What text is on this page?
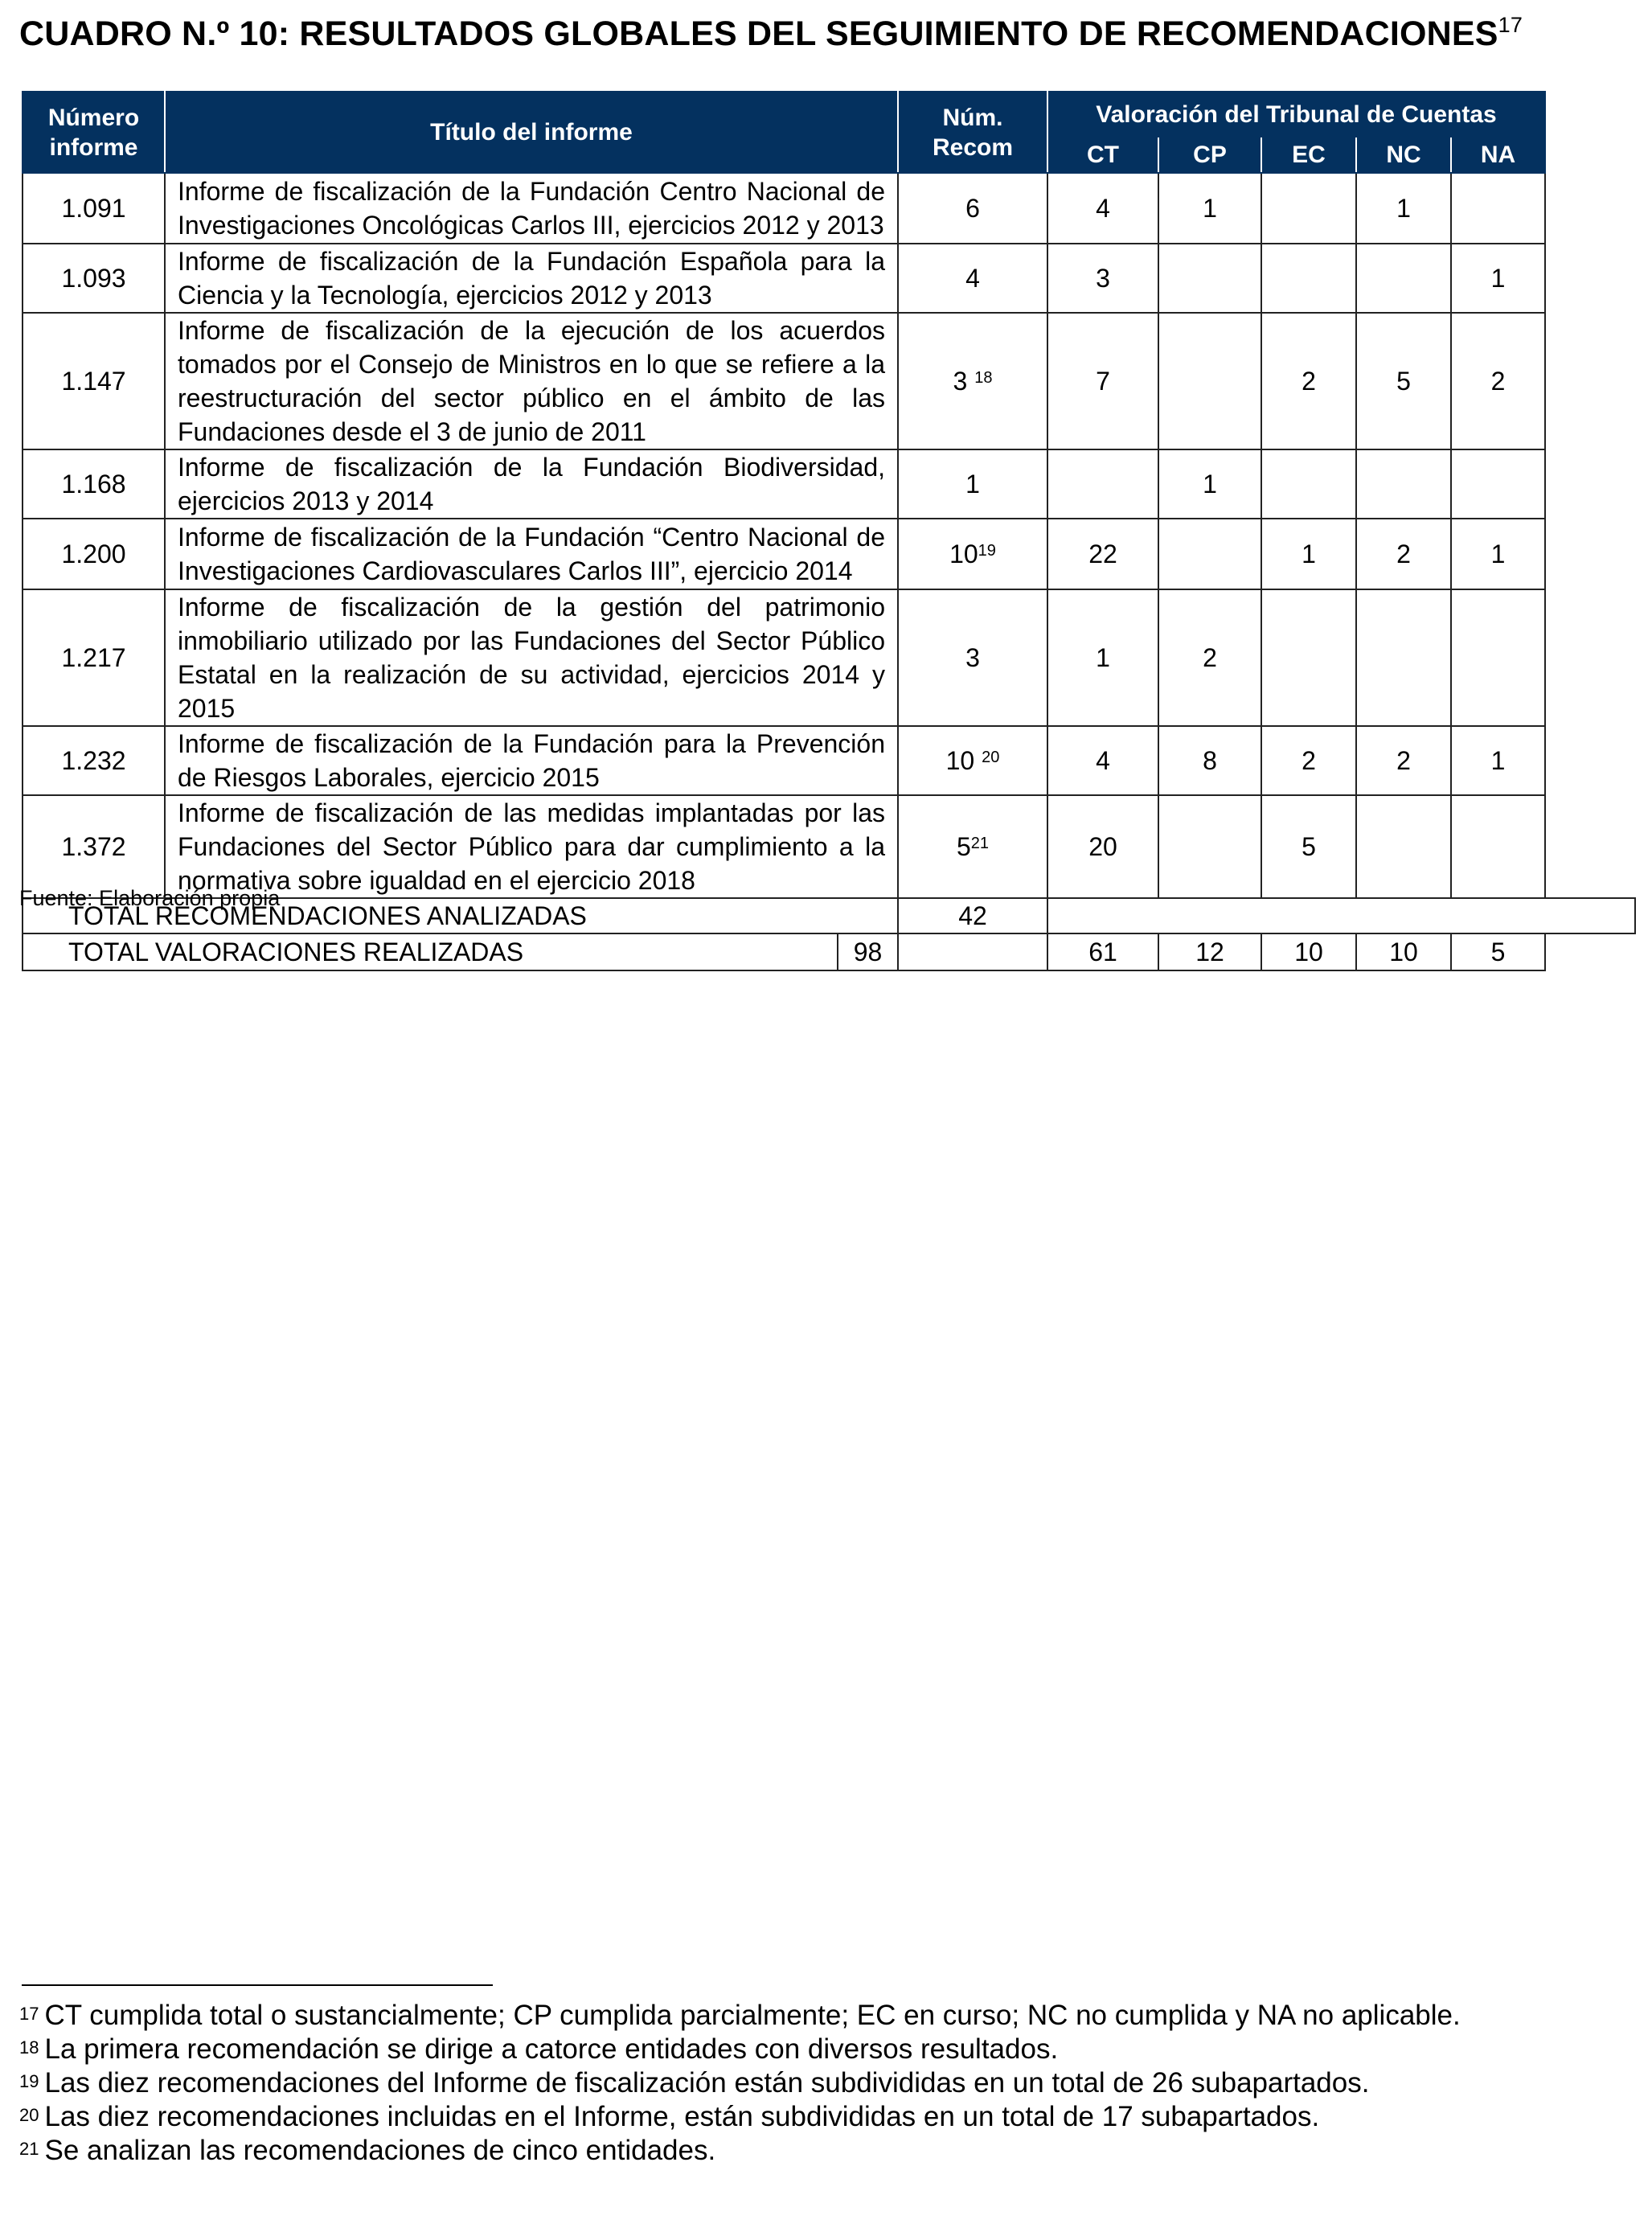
CUADRO N.º 10: RESULTADOS GLOBALES DEL SEGUIMIENTO DE RECOMENDACIONES$^{17}$
Número informe	Título del informe	Núm. Recom	Valoración del Tribunal de Cuentas				
			CT	CP	EC	NC	NA
1.091	Informe de fiscalización de la Fundación Centro Nacional de Investigaciones Oncológicas Carlos III, ejercicios 2012 y 2013	6	4	1		1	
1.093	Informe de fiscalización de la Fundación Española para la Ciencia y la Tecnología, ejercicios 2012 y 2013	4	3				1
1.147	Informe de fiscalización de la ejecución de los acuerdos tomados por el Consejo de Ministros en lo que se refiere a la reestructuración del sector público en el ámbito de las Fundaciones desde el 3 de junio de 2011	3 $^{18}$	7		2	5	2
1.168	Informe de fiscalización de la Fundación Biodiversidad, ejercicios 2013 y 2014	1		1			
1.200	Informe de fiscalización de la Fundación “Centro Nacional de Investigaciones Cardiovasculares Carlos III”, ejercicio 2014	$10^{19}$	22		1	2	1
1.217	Informe de fiscalización de la gestión del patrimonio inmobiliario utilizado por las Fundaciones del Sector Público Estatal en la realización de su actividad, ejercicios 2014 y 2015	3	1	2			
1.232	Informe de fiscalización de la Fundación para la Prevención de Riesgos Laborales, ejercicio 2015	10 $^{20}$	4	8	2	2	1
1.372	Informe de fiscalización de las medidas implantadas por las Fundaciones del Sector Público para dar cumplimiento a la normativa sobre igualdad en el ejercicio 2018	$5^{21}$	20		5		
TOTAL RECOMENDACIONES ANALIZADAS		42					

TOTAL VALORACIONES REALIZADAS 98			61	12	10	10	5
Fuente: Elaboración propia
$^{17}$ CT cumplida total o sustancialmente; CP cumplida parcialmente; EC en curso; NC no cumplida y NA no aplicable.
$^{18}$ La primera recomendación se dirige a catorce entidades con diversos resultados.
$^{19}$ Las diez recomendaciones del Informe de fiscalización están subdivididas en un total de 26 subapartados.
$^{20}$ Las diez recomendaciones incluidas en el Informe, están subdivididas en un total de 17 subapartados.
$^{21}$ Se analizan las recomendaciones de cinco entidades.
